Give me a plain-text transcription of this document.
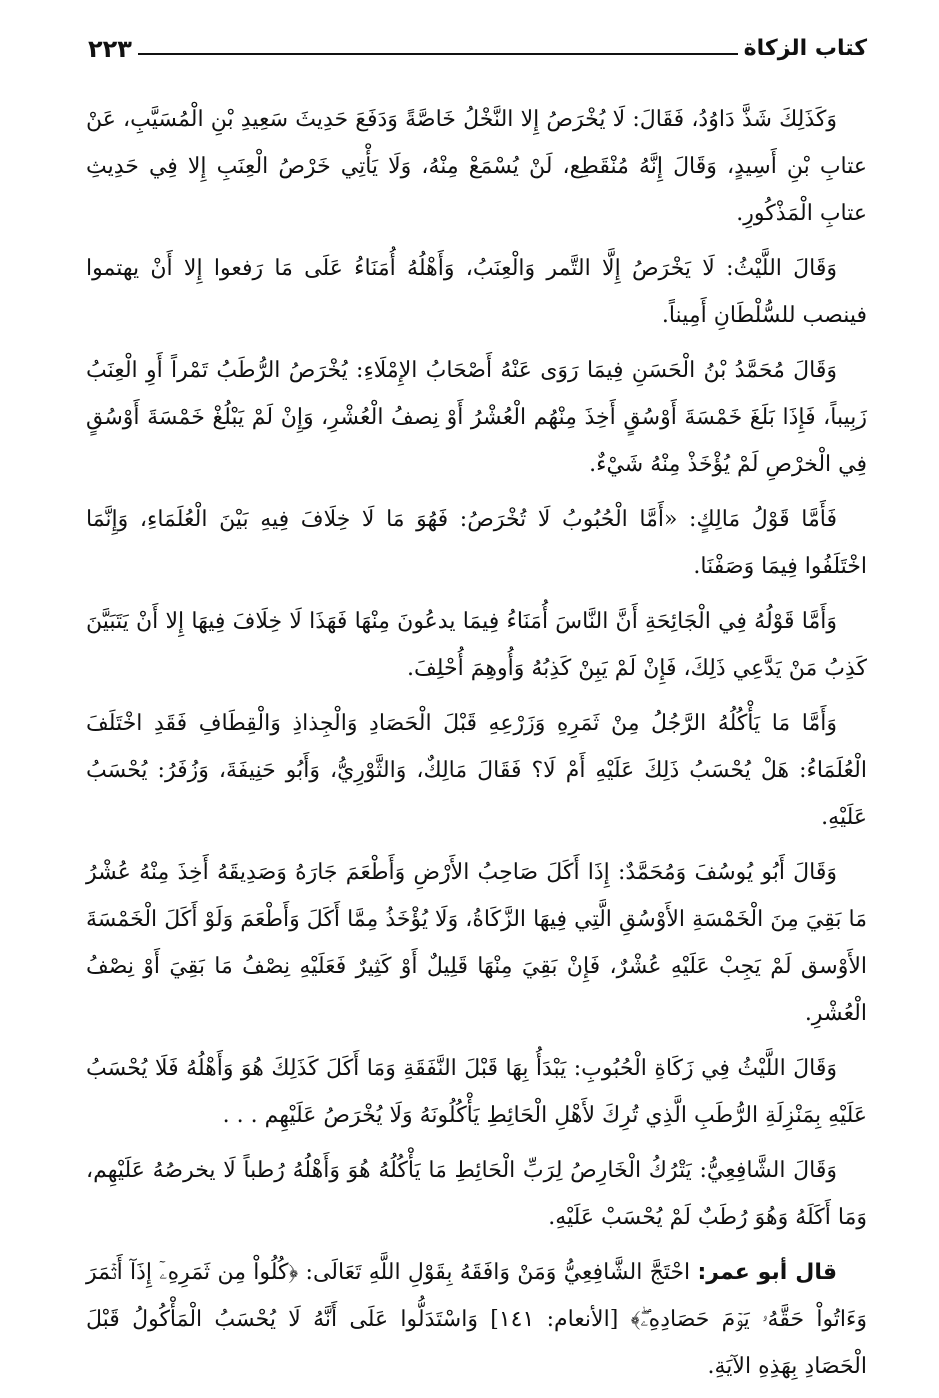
كتاب الزكاة
٢٢٣

وَكَذَلِكَ شَذَّ دَاوُدُ، فَقَالَ: لَا يُخْرَصُ إِلا النَّخْلُ خَاصَّةً وَدَفَعَ حَدِيثَ سَعِيدِ بْنِ الْمُسَيَّبِ، عَنْ عتابِ بْنِ أَسِيدٍ، وَقَالَ إِنَّهُ مُنْقَطِع، لَنْ يُسْمَعْ مِنْهُ، وَلَا يَأْتِي خَرْصُ الْعِنَبِ إِلا فِي حَدِيثِ عتابِ الْمَذْكُورِ.

وَقَالَ اللَّيْثُ: لَا يَخْرَصُ إِلَّا التَّمر وَالْعِنَبُ، وَأَهْلُهُ أُمَنَاءُ عَلَى مَا رَفعوا إِلا أَنْ يهتموا فينصب للسُّلْطَانِ أَمِيناً.

وَقَالَ مُحَمَّدُ بْنُ الْحَسَنِ فِيمَا رَوَى عَنْهُ أَصْحَابُ الإِمْلَاءِ: يُخْرَصُ الرُّطَبُ تَمْراً أَوِ الْعِنَبُ زَبِيباً، فَإِذَا بَلَغَ خَمْسَةَ أَوْسُقٍ أَخِذَ مِنْهُم الْعُشْرُ أَوْ نِصفُ الْعُشْرِ، وَإِنْ لَمْ يَبْلُغْ خَمْسَةَ أَوْسُقٍ فِي الْخرْصِ لَمْ يُؤْخَذْ مِنْهُ شَيْءٌ.

فَأَمَّا قَوْلُ مَالِكٍ: «أَمَّا الْحُبُوبُ لَا تُخْرَصُ: فَهُوَ مَا لَا خِلَافَ فِيهِ بَيْنَ الْعُلَمَاءِ، وَإِنَّمَا اخْتَلَفُوا فِيمَا وَصَفْنَا.

وَأَمَّا قَوْلُهُ فِي الْجَائِحَةِ أَنَّ النَّاسَ أُمَنَاءُ فِيمَا يدعُونَ مِنْهَا فَهَذَا لَا خِلَافَ فِيهَا إِلا أَنْ يَتَبَيَّنَ كَذِبُ مَنْ يَدَّعِي ذَلِكَ، فَإِنْ لَمْ يَبِنْ كَذِبُهُ وَأُوهِمَ أُحْلِفَ.

وَأَمَّا مَا يَأْكُلُهُ الرَّجُلُ مِنْ ثَمَرِهِ وَزَرْعِهِ قَبْلَ الْحَصَادِ وَالْجِذاذِ وَالْقِطَافِ فَقَدِ اخْتَلَفَ الْعُلَمَاءُ: هَلْ يُحْسَبُ ذَلِكَ عَلَيْهِ أَمْ لَا؟ فَقَالَ مَالِكٌ، وَالثَّوْرِيُّ، وَأَبُو حَنِيفَةَ، وَزُفَرُ: يُحْسَبُ عَلَيْهِ.

وَقَالَ أَبُو يُوسُفَ وَمُحَمَّدٌ: إِذَا أَكَلَ صَاحِبُ الأَرْضِ وَأَطْعَمَ جَارَهُ وَصَدِيقَهُ أَخِذَ مِنْهُ عُشْرُ مَا بَقِيَ مِنَ الْخَمْسَةِ الأَوْسُقِ الَّتِي فِيهَا الزَّكَاةُ، وَلَا يُؤْخَذُ مِمَّا أَكَلَ وَأَطْعَمَ وَلَوْ أَكَلَ الْخَمْسَةَ الأَوْسق لَمْ يَجِبْ عَلَيْهِ عُشْرٌ، فَإِنْ بَقِيَ مِنْهَا قَلِيلٌ أَوْ كَثِيرٌ فَعَلَيْهِ نِصْفُ مَا بَقِيَ أَوْ نِصْفُ الْعُشْرِ.

وَقَالَ اللَّيْثُ فِي زَكَاةِ الْحُبُوبِ: يَبْدَأُ بِهَا قَبْلَ النَّفَقَةِ وَمَا أَكَلَ كَذَلِكَ هُوَ وَأَهْلُهُ فَلَا يُحْسَبُ عَلَيْهِ بِمَنْزِلَةِ الرُّطَبِ الَّذِي تُرِكَ لأَهْلِ الْحَائِطِ يَأْكُلُونَهُ وَلَا يُخْرَصُ عَلَيْهِم . . .

وَقَالَ الشَّافِعِيُّ: يَتْرُكُ الْخَارِصُ لِرَبِّ الْحَائِطِ مَا يَأْكُلُهُ هُوَ وَأَهْلُهُ رُطباً لَا يخرصُهُ عَلَيْهِم، وَمَا أَكَلَهُ وَهُوَ رُطَبٌ لَمْ يُحْسَبْ عَلَيْهِ.

قال أبو عمر: احْتَجَّ الشَّافِعِيُّ وَمَنْ وَافَقَهُ بِقَوْلِ اللَّهِ تَعَالَى: ﴿كُلُواْ مِن ثَمَرِهِۦٓ إِذَآ أَثۡمَرَ وَءَاتُواْ حَقَّهُۥ يَوۡمَ حَصَادِهِۦۖ﴾ [الأنعام: ١٤١] وَاسْتَدَلُّوا عَلَى أَنَّهُ لَا يُحْسَبُ الْمَأْكُولُ قَبْلَ الْحَصَادِ بِهَذِهِ الآيَةِ.
